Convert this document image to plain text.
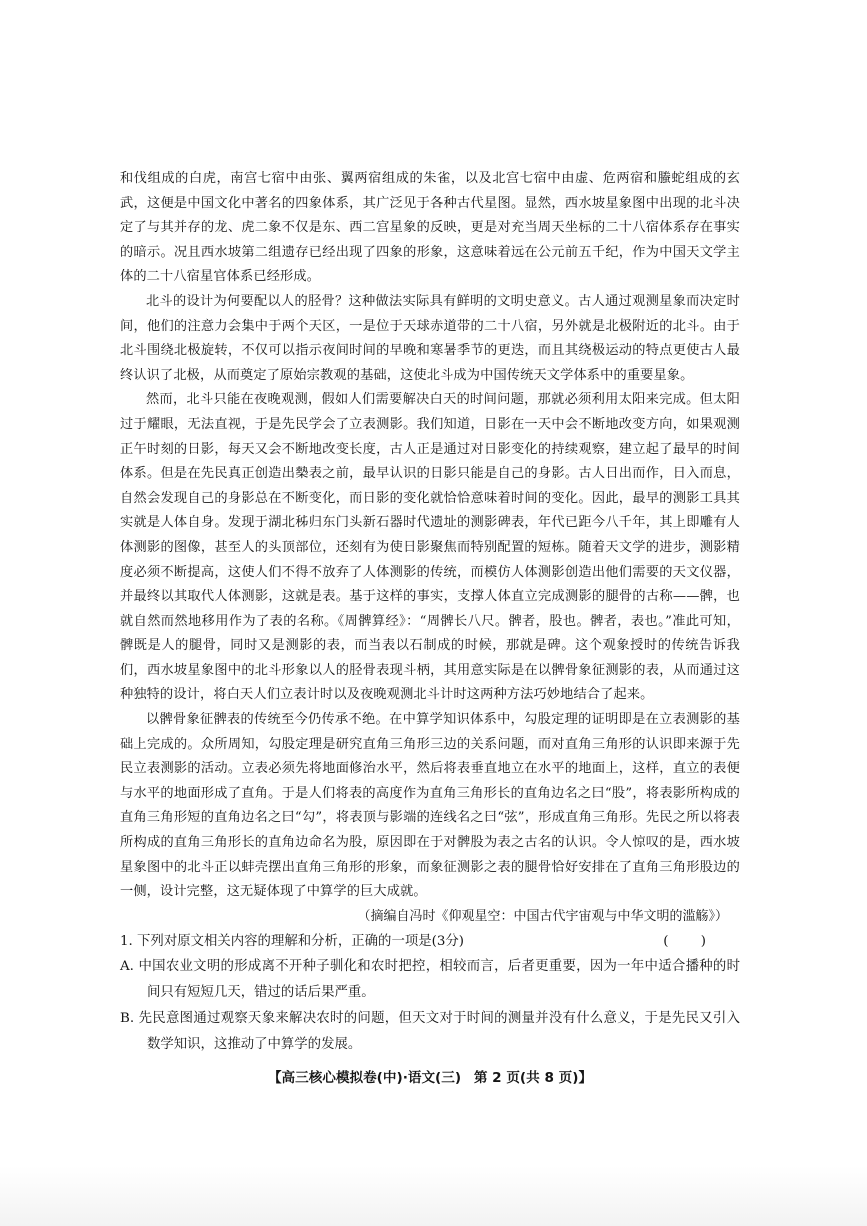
和伐组成的白虎，南宫七宿中由张、翼两宿组成的朱雀，以及北宫七宿中由虚、危两宿和螣蛇组成的玄武，这便是中国文化中著名的四象体系，其广泛见于各种古代星图。显然，西水坡星象图中出现的北斗决定了与其并存的龙、虎二象不仅是东、西二宫星象的反映，更是对充当周天坐标的二十八宿体系存在事实的暗示。况且西水坡第二组遗存已经出现了四象的形象，这意味着远在公元前五千纪，作为中国天文学主体的二十八宿星官体系已经形成。

北斗的设计为何要配以人的胫骨？这种做法实际具有鲜明的文明史意义。古人通过观测星象而决定时间，他们的注意力会集中于两个天区，一是位于天球赤道带的二十八宿，另外就是北极附近的北斗。由于北斗围绕北极旋转，不仅可以指示夜间时间的早晚和寒暑季节的更迭，而且其绕极运动的特点更使古人最终认识了北极，从而奠定了原始宗教观的基础，这使北斗成为中国传统天文学体系中的重要星象。

然而，北斗只能在夜晚观测，假如人们需要解决白天的时间问题，那就必须利用太阳来完成。但太阳过于耀眼，无法直视，于是先民学会了立表测影。我们知道，日影在一天中会不断地改变方向，如果观测正午时刻的日影，每天又会不断地改变长度，古人正是通过对日影变化的持续观察，建立起了最早的时间体系。但是在先民真正创造出槷表之前，最早认识的日影只能是自己的身影。古人日出而作，日入而息，自然会发现自己的身影总在不断变化，而日影的变化就恰恰意味着时间的变化。因此，最早的测影工具其实就是人体自身。发现于湖北秭归东门头新石器时代遗址的测影碑表，年代已距今八千年，其上即雕有人体测影的图像，甚至人的头顶部位，还刻有为使日影聚焦而特别配置的短栋。随着天文学的进步，测影精度必须不断提高，这使人们不得不放弃了人体测影的传统，而模仿人体测影创造出他们需要的天文仪器，并最终以其取代人体测影，这就是表。基于这样的事实，支撑人体直立完成测影的腿骨的古称——髀，也就自然而然地移用作为了表的名称。《周髀算经》：“周髀长八尺。髀者，股也。髀者，表也。”准此可知，髀既是人的腿骨，同时又是测影的表，而当表以石制成的时候，那就是碑。这个观象授时的传统告诉我们，西水坡星象图中的北斗形象以人的胫骨表现斗柄，其用意实际是在以髀骨象征测影的表，从而通过这种独特的设计，将白天人们立表计时以及夜晚观测北斗计时这两种方法巧妙地结合了起来。

以髀骨象征髀表的传统至今仍传承不绝。在中算学知识体系中，勾股定理的证明即是在立表测影的基础上完成的。众所周知，勾股定理是研究直角三角形三边的关系问题，而对直角三角形的认识即来源于先民立表测影的活动。立表必须先将地面修治水平，然后将表垂直地立在水平的地面上，这样，直立的表便与水平的地面形成了直角。于是人们将表的高度作为直角三角形长的直角边名之曰“股”，将表影所构成的直角三角形短的直角边名之曰“勾”，将表顶与影端的连线名之曰“弦”，形成直角三角形。先民之所以将表所构成的直角三角形长的直角边命名为股，原因即在于对髀股为表之古名的认识。令人惊叹的是，西水坡星象图中的北斗正以蚌壳摆出直角三角形的形象，而象征测影之表的腿骨恰好安排在了直角三角形股边的一侧，设计完整，这无疑体现了中算学的巨大成就。

（摘编自冯时《仰观星空：中国古代宇宙观与中华文明的滥觞》）

1. 下列对原文相关内容的理解和分析，正确的一项是(3分)	( )

A. 中国农业文明的形成离不开种子驯化和农时把控，相较而言，后者更重要，因为一年中适合播种的时间只有短短几天，错过的话后果严重。

B. 先民意图通过观察天象来解决农时的问题，但天文对于时间的测量并没有什么意义，于是先民又引入数学知识，这推动了中算学的发展。

【高三核心模拟卷(中)·语文(三) 第 2 页(共 8 页)】
